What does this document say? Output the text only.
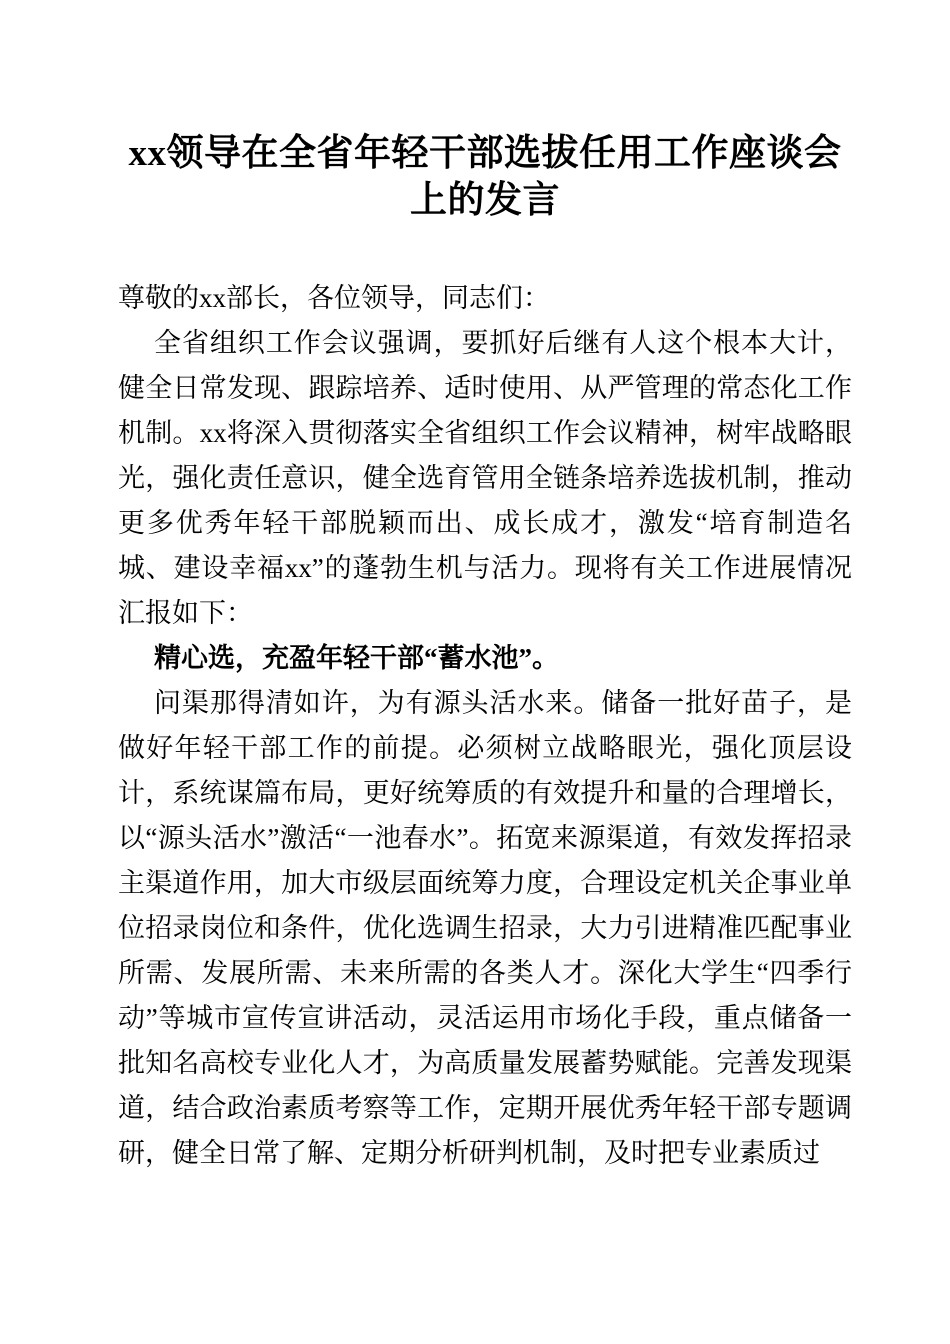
xx领导在全省年轻干部选拔任用工作座谈会上的发言

尊敬的xx部长，各位领导，同志们：

全省组织工作会议强调，要抓好后继有人这个根本大计，健全日常发现、跟踪培养、适时使用、从严管理的常态化工作机制。xx将深入贯彻落实全省组织工作会议精神，树牢战略眼光，强化责任意识，健全选育管用全链条培养选拔机制，推动更多优秀年轻干部脱颖而出、成长成才，激发“培育制造名城、建设幸福xx”的蓬勃生机与活力。现将有关工作进展情况汇报如下：

精心选，充盈年轻干部“蓄水池”。

问渠那得清如许，为有源头活水来。储备一批好苗子，是做好年轻干部工作的前提。必须树立战略眼光，强化顶层设计，系统谋篇布局，更好统筹质的有效提升和量的合理增长，以“源头活水”激活“一池春水”。拓宽来源渠道，有效发挥招录主渠道作用，加大市级层面统筹力度，合理设定机关企事业单位招录岗位和条件，优化选调生招录，大力引进精准匹配事业所需、发展所需、未来所需的各类人才。深化大学生“四季行动”等城市宣传宣讲活动，灵活运用市场化手段，重点储备一批知名高校专业化人才，为高质量发展蓄势赋能。完善发现渠道，结合政治素质考察等工作，定期开展优秀年轻干部专题调研，健全日常了解、定期分析研判机制，及时把专业素质过
